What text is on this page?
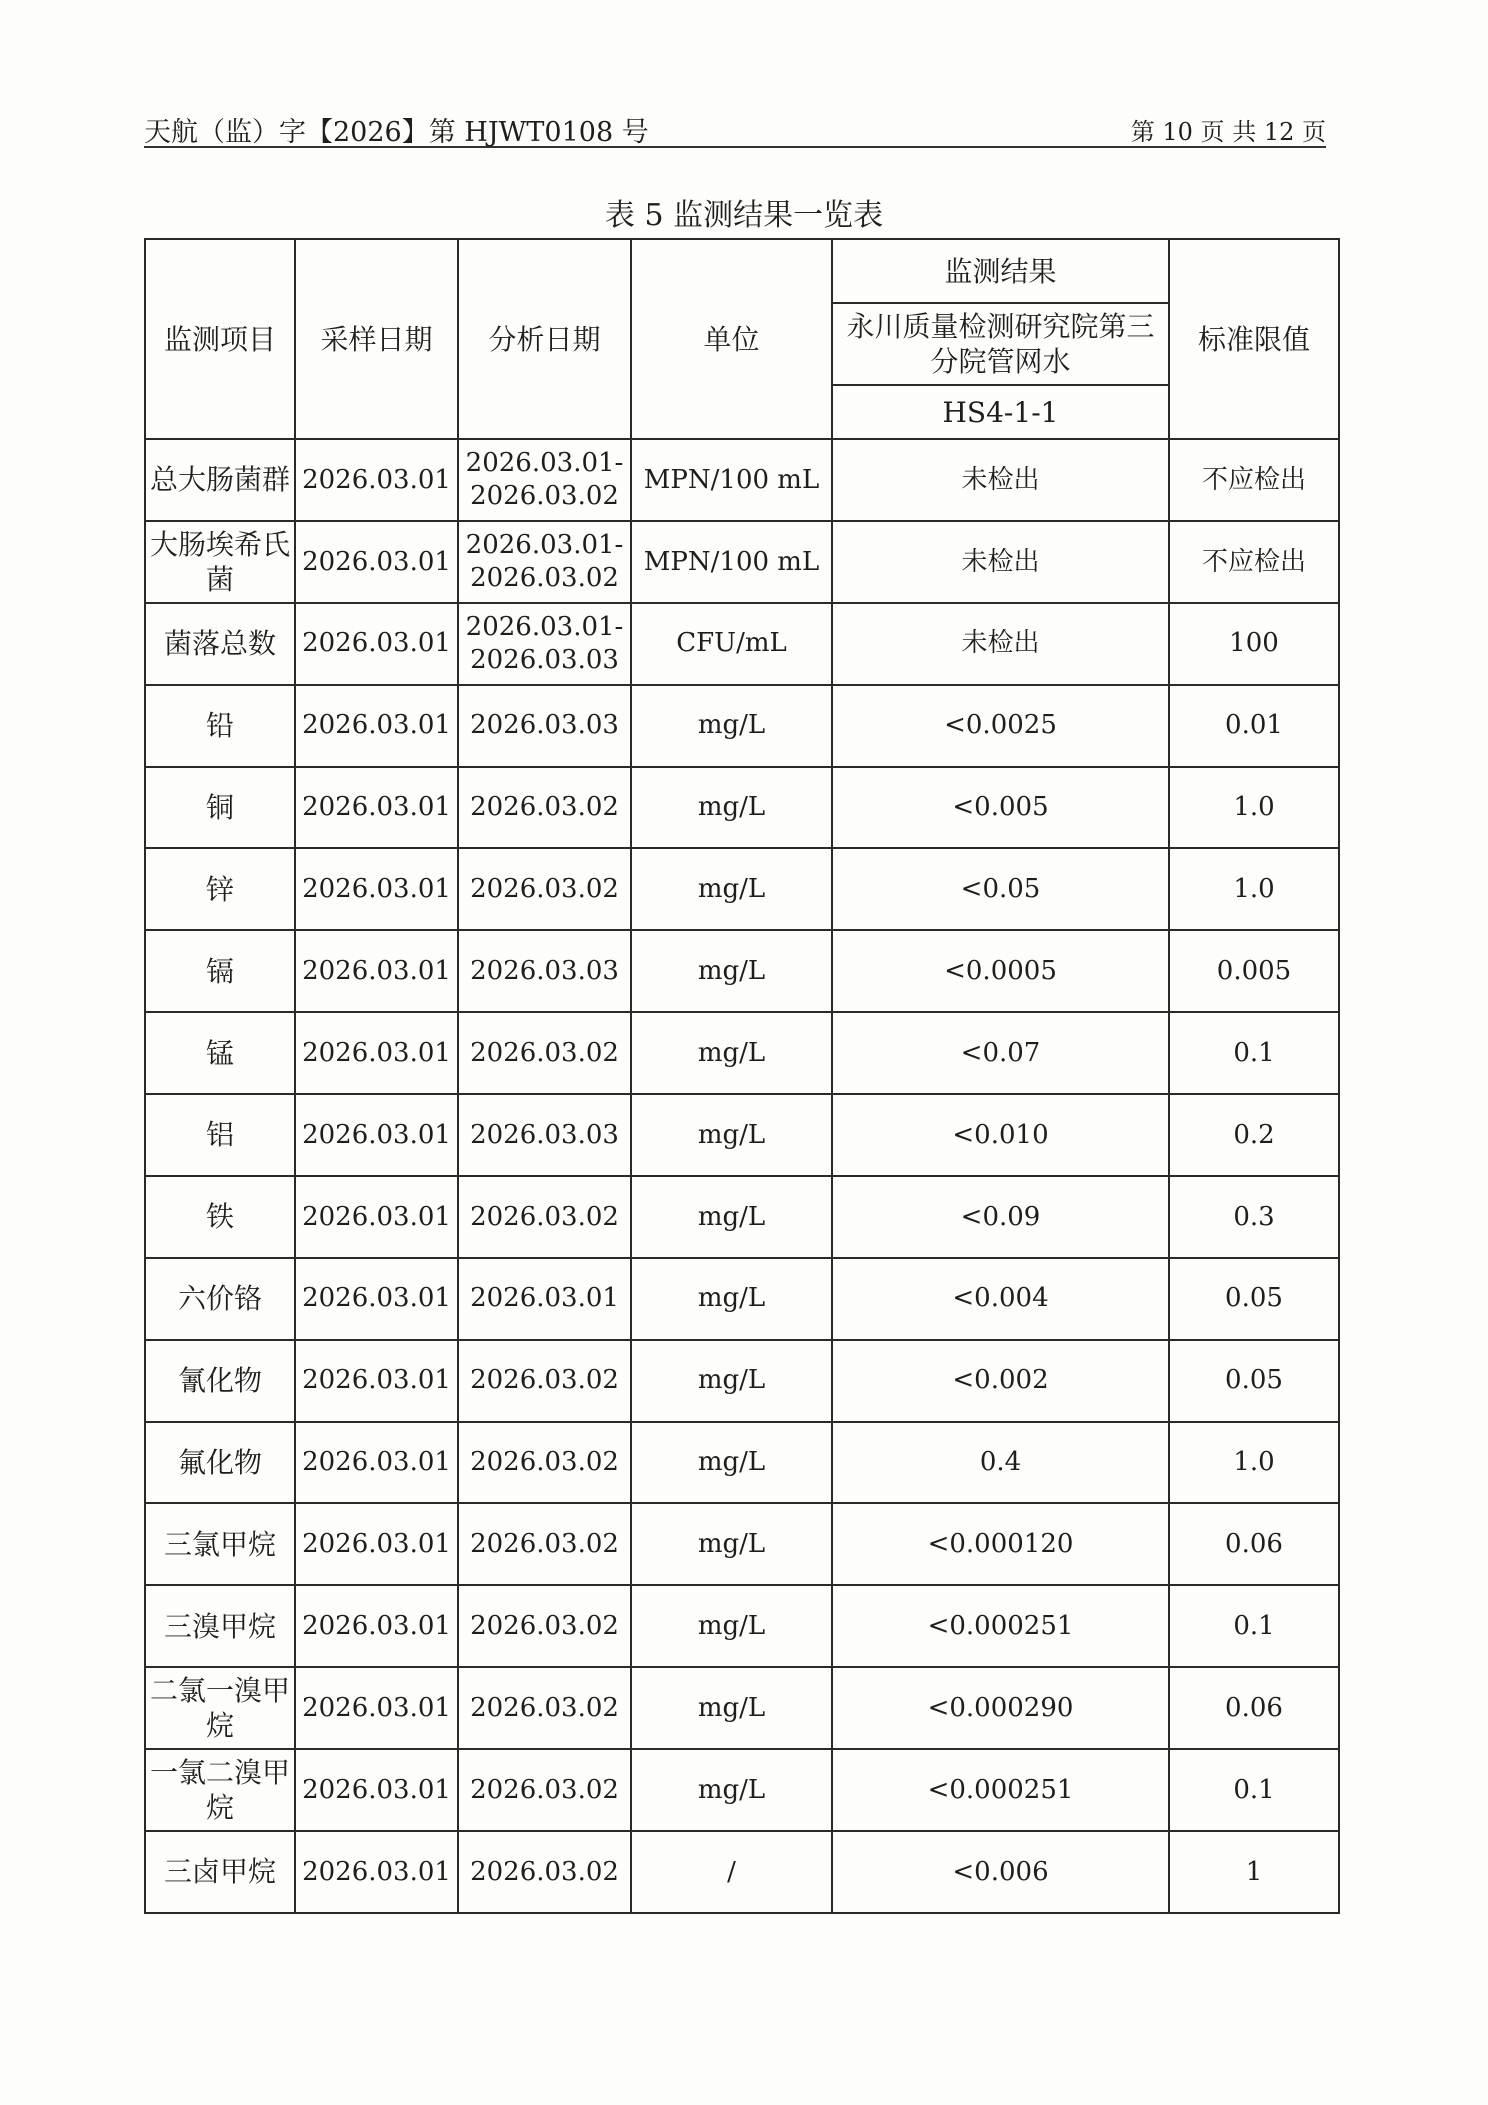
天航（监）字【2026】第 HJWT0108 号	第 10 页 共 12 页
表 5 监测结果一览表
监测项目	采样日期	分析日期	单位	监测结果	标准限值
				永川质量检测研究院第三分院管网水	
				HS4-1-1	
总大肠菌群	2026.03.01	2026.03.01-2026.03.02	MPN/100 mL	未检出	不应检出
大肠埃希氏菌	2026.03.01	2026.03.01-2026.03.02	MPN/100 mL	未检出	不应检出
菌落总数	2026.03.01	2026.03.01-2026.03.03	CFU/mL	未检出	100
铅	2026.03.01	2026.03.03	mg/L	<0.0025	0.01
铜	2026.03.01	2026.03.02	mg/L	<0.005	1.0
锌	2026.03.01	2026.03.02	mg/L	<0.05	1.0
镉	2026.03.01	2026.03.03	mg/L	<0.0005	0.005
锰	2026.03.01	2026.03.02	mg/L	<0.07	0.1
铝	2026.03.01	2026.03.03	mg/L	<0.010	0.2
铁	2026.03.01	2026.03.02	mg/L	<0.09	0.3
六价铬	2026.03.01	2026.03.01	mg/L	<0.004	0.05
氰化物	2026.03.01	2026.03.02	mg/L	<0.002	0.05
氟化物	2026.03.01	2026.03.02	mg/L	0.4	1.0
三氯甲烷	2026.03.01	2026.03.02	mg/L	<0.000120	0.06
三溴甲烷	2026.03.01	2026.03.02	mg/L	<0.000251	0.1
二氯一溴甲烷	2026.03.01	2026.03.02	mg/L	<0.000290	0.06
一氯二溴甲烷	2026.03.01	2026.03.02	mg/L	<0.000251	0.1
三卤甲烷	2026.03.01	2026.03.02	/	<0.006	1
